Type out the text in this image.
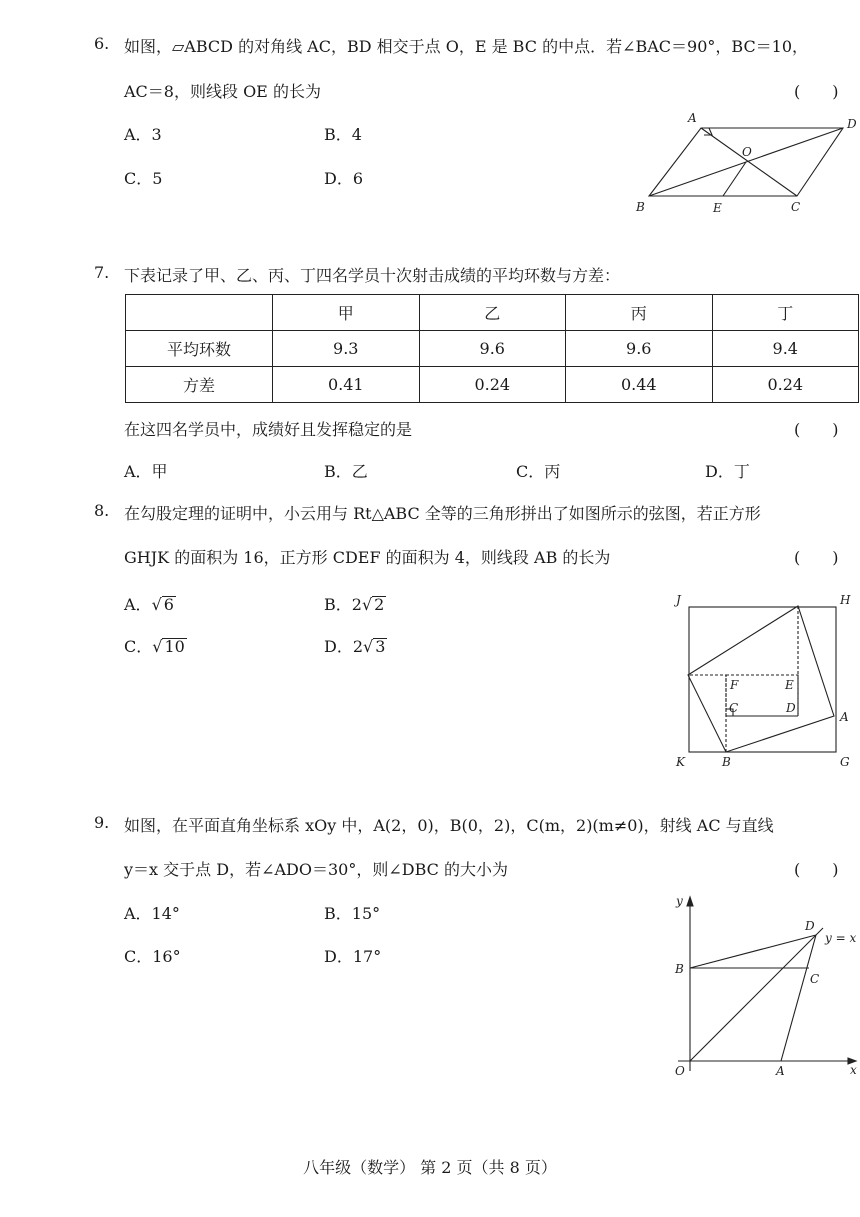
6. 如图，▱ABCD 的对角线 AC，BD 相交于点 O，E 是 BC 的中点．若∠BAC＝90°，BC＝10，
AC＝8，则线段 OE 的长为	(　　)
A．3	B．4
C．5	D．6
A	D
O
B	E	C
7. 下表记录了甲、乙、丙、丁四名学员十次射击成绩的平均环数与方差：
	甲	乙	丙	丁
平均环数	9.3	9.6	9.6	9.4
方差	0.41	0.24	0.44	0.24
在这四名学员中，成绩好且发挥稳定的是	(　　)
A．甲	B．乙	C．丙	D．丁
8. 在勾股定理的证明中，小云用与 Rt△ABC 全等的三角形拼出了如图所示的弦图，若正方形
GHJK 的面积为 16，正方形 CDEF 的面积为 4，则线段 AB 的长为	(　　)
A．√ 6	B．2√ 2
C．√ 10	D．2√ 3
J	H
K	G
A
B
C	D
E
F
9. 如图，在平面直角坐标系 xOy 中，A(2，0)，B(0，2)，C(m，2)(m≠0)，射线 AC 与直线
y＝x 交于点 D，若∠ADO＝30°，则∠DBC 的大小为	(　　)
A．14°	B．15°
C．16°	D．17°
y
x
O	A
B
C
D
y = x
八年级（数学） 第 2 页（共 8 页）
